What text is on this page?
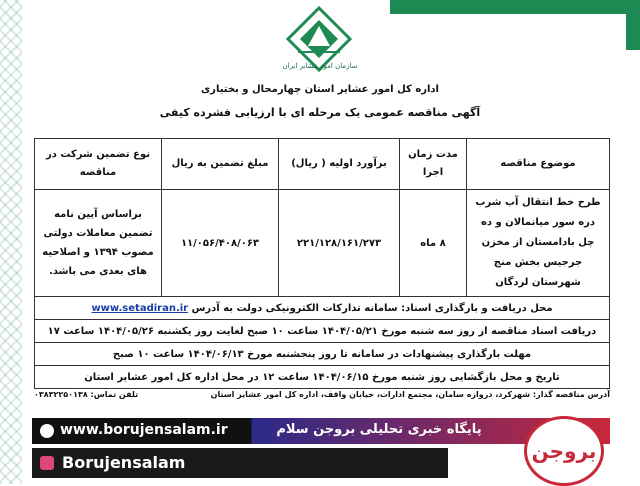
سازمان امور عشایر ایران
اداره کل امور عشایر استان چهارمحال و بختیاری
آگهی مناقصه عمومی یک مرحله ای با ارزیابی فشرده کیفی
موضوع مناقصه	مدت زمان اجرا	برآورد اولیه ( ریال)	مبلغ تضمین به ریال	نوع تضمین شرکت در مناقصه
طرح خط انتقال آب شرب دره سور میانمالان و ده چل بادامستان از مخزن جرجیس بخش منج شهرستان لردگان	۸ ماه	۲۲۱/۱۲۸/۱۶۱/۲۷۳	۱۱/۰۵۶/۴۰۸/۰۶۳	براساس آیین نامه تضمین معاملات دولتی مصوب ۱۳۹۴ و اصلاحیه های بعدی می باشد.
محل دریافت و بارگذاری اسناد: سامانه تدارکات الکترونیکی دولت به آدرس www.setadiran.ir				
دریافت اسناد مناقصه از روز سه شنبه مورخ ۱۴۰۴/۰۵/۲۱ ساعت ۱۰ صبح لغایت روز یکشنبه ۱۴۰۴/۰۵/۲۶ ساعت ۱۷				
مهلت بارگذاری پیشنهادات در سامانه تا روز پنجشنبه مورخ ۱۴۰۴/۰۶/۱۳ ساعت ۱۰ صبح				
تاریخ و محل بازگشایی روز شنبه مورخ ۱۴۰۴/۰۶/۱۵ ساعت ۱۲ در محل اداره کل امور عشایر استان				
آدرس مناقصه گذار: شهرکرد، دروازه سامان، مجتمع ادارات، خیابان واقف، اداره کل امور عشایر استان
تلفن تماس: ۰۳۸۳۲۲۵۰۱۳۸
www.borujensalam.ir	پایگاه خبری تحلیلی بروجن سلام
Borujensalam	بروجن
